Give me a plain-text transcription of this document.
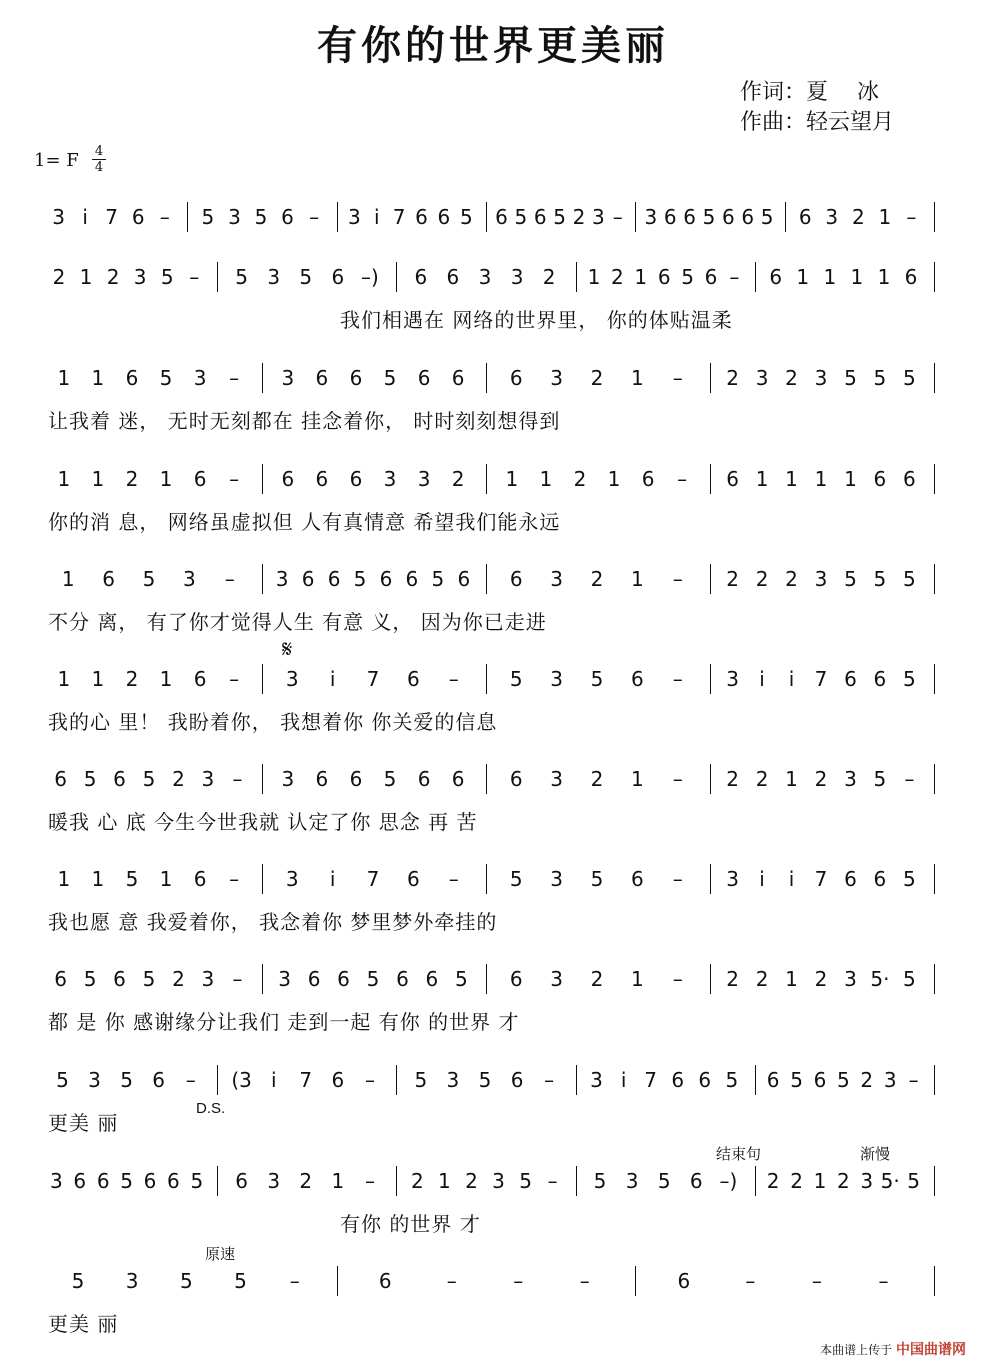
有你的世界更美丽
作词：夏　 冰
作曲：轻云望月
1= F 4
4
3 i 7 6 – 5 3 5 6 – 3 i 7 6 6 5 6 5 6 5 2 3 – 3 6 6 5 6 6 5 6 3 2 1 –
2 1 2 3 5 – 5 3 5 6 –) 6 6 3 3 2 1 2 1 6 5 6 – 6 1 1 1 1 6
我们相遇在 网络的世界里， 你的体贴温柔
1 1 6 5 3 – 3 6 6 5 6 6 6 3 2 1 – 2 3 2 3 5 5 5
让我着 迷， 无时无刻都在 挂念着你， 时时刻刻想得到
1 1 2 1 6 – 6 6 6 3 3 2 1 1 2 1 6 – 6 1 1 1 1 6 6
你的消 息， 网络虽虚拟但 人有真情意 希望我们能永远
1 6 5 3 – 3 6 6 5 6 6 5 6 6 3 2 1 – 2 2 2 3 5 5 5
不分 离， 有了你才觉得人生 有意 义， 因为你已走进
1 1 2 1 6 – 3 i 7 6 –	5 3 5 6 – 3 i i 7 6 6 5
我的心 里！ 我盼着你， 我想着你 你关爱的信息
6 5 6 5 2 3 – 3 6 6 5 6 6 6 3 2 1 – 2 2 1 2 3 5 –
暖我 心 底 今生今世我就 认定了你 思念 再 苦
1 1 5 1 6 – 3 i 7 6 –	5 3 5 6 – 3 i i 7 6 6 5
我也愿 意 我爱着你， 我念着你 梦里梦外牵挂的
6 5 6 5 2 3 – 3 6 6 5 6 6 5 6 3 2 1 – 2 2 1 2 3 5· 5
都 是 你 感谢缘分让我们 走到一起 有你 的世界 才
5 3 5 6 – (3 i 7 6 – 5 3 5 6 – 3 i 7 6 6 5 6 5 6 5 2 3 –
更美 丽
3 6 6 5 6 6 5 6 3 2 1 – 2 1 2 3 5 – 5 3 5 6 –) 2 2 1 2 3 5· 5
有你 的世界 才
5 3 5 5 –	6	–	–	–	6	–	–	–
更美 丽
D.S.
结束句	渐慢
原速
𝄋
本曲谱上传于 中国曲谱网
